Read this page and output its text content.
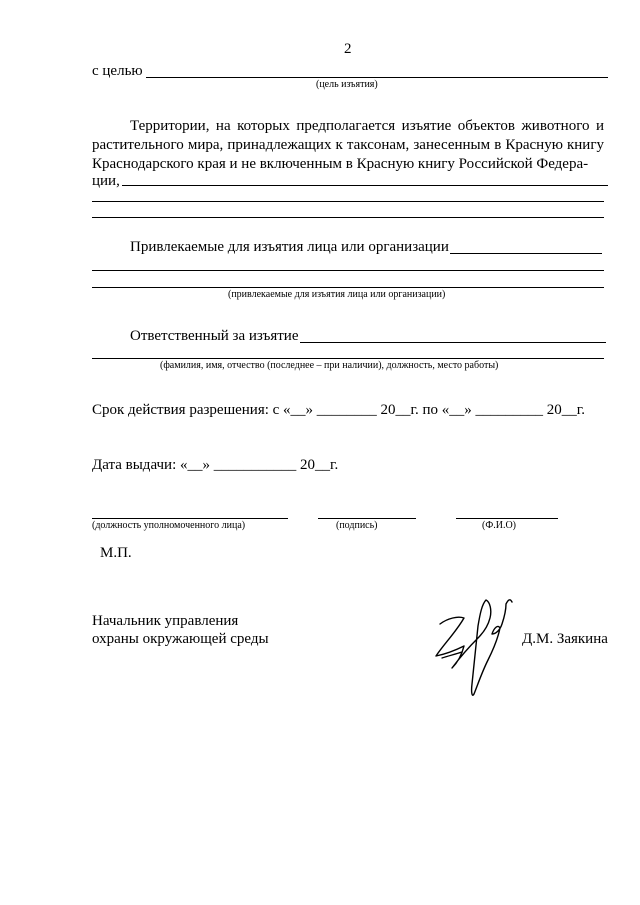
2
с целью
(цель изъятия)
Территории, на которых предполагается изъятие объектов животного и растительного мира, принадлежащих к таксонам, занесенным в Красную книгу Краснодарского края и не включенным в Красную книгу Российской Федера-
ции,
Привлекаемые для изъятия лица или организации
(привлекаемые для изъятия лица или организации)
Ответственный за изъятие
(фамилия, имя, отчество (последнее – при наличии), должность, место работы)
Срок действия разрешения: с «__» ________ 20__г. по «__» _________ 20__г.
Дата выдачи: «__» ___________ 20__г.
(должность уполномоченного лица)	(подпись)	(Ф.И.О)
М.П.
Начальник управления
охраны окружающей среды	Д.М. Заякина
